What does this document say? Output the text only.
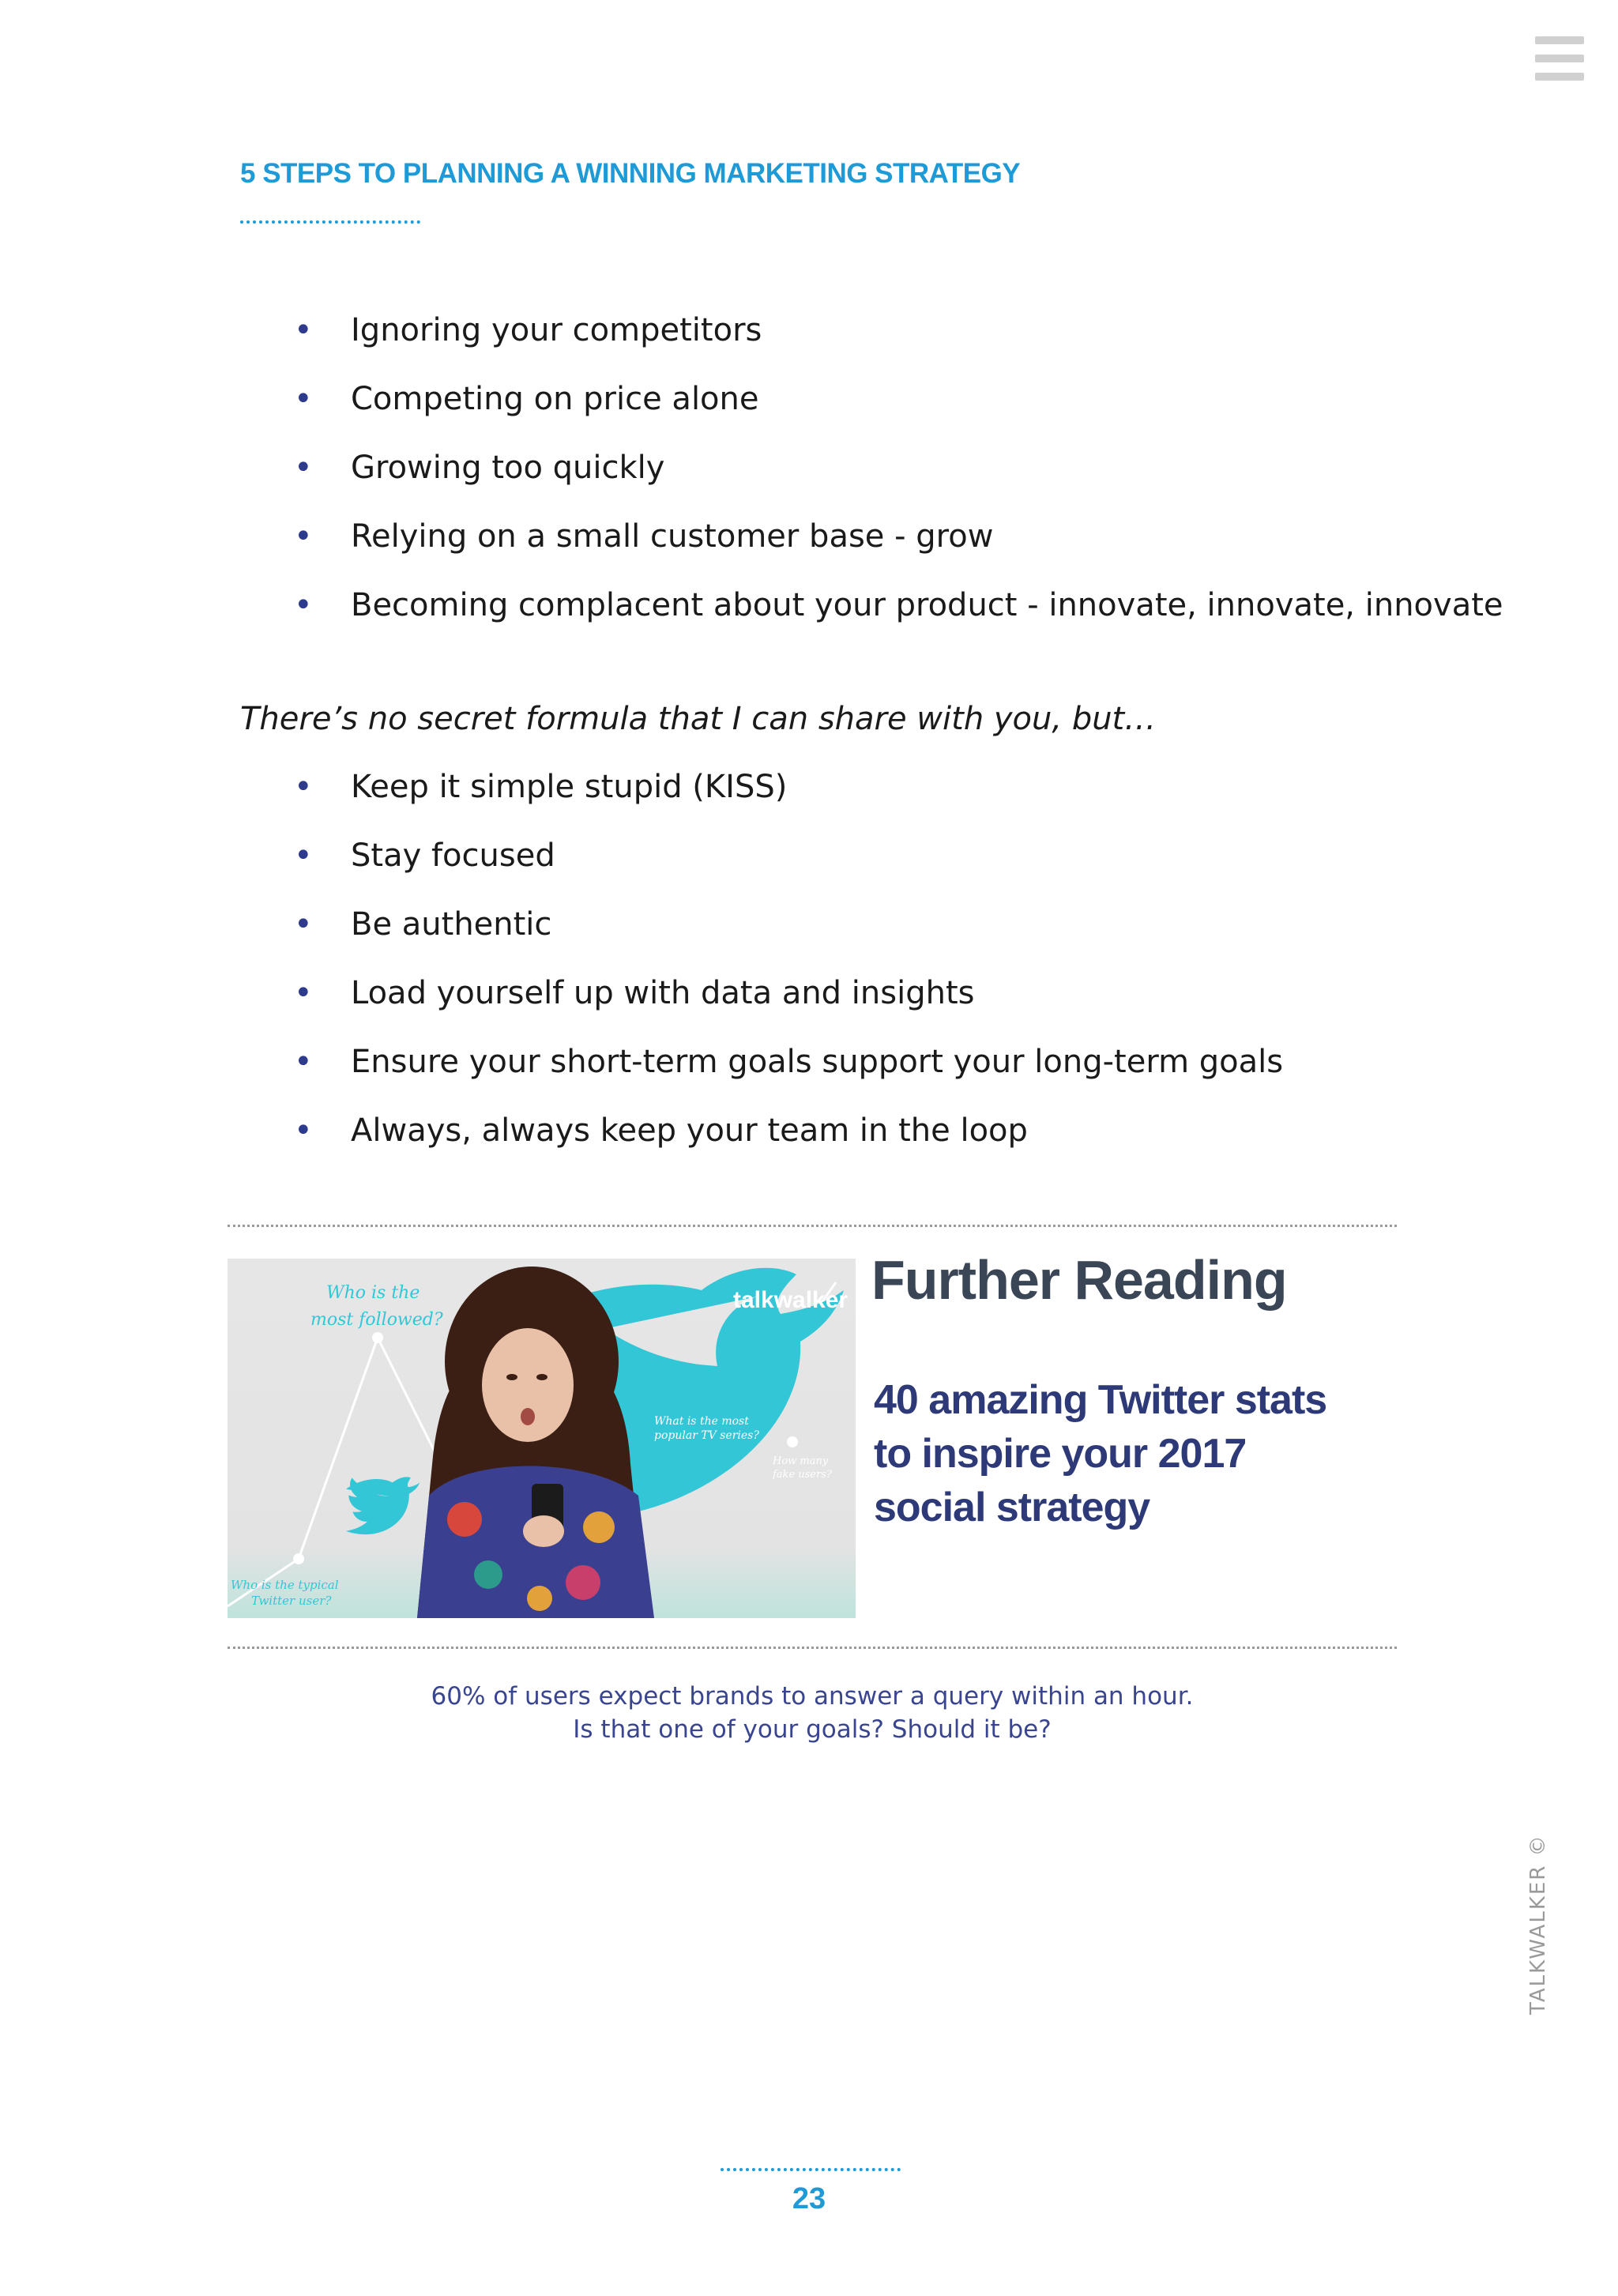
5 STEPS TO PLANNING A WINNING MARKETING STRATEGY
• Ignoring your competitors
• Competing on price alone
• Growing too quickly
• Relying on a small customer base - grow
• Becoming complacent about your product - innovate, innovate, innovate
There’s no secret formula that I can share with you, but…
• Keep it simple stupid (KISS)
• Stay focused
• Be authentic
• Load yourself up with data and insights
• Ensure your short-term goals support your long-term goals
• Always, always keep your team in the loop
Who is the
most followed?
What is the most
popular TV series?
How many
fake users?
Who is the typical
Twitter user?
talkwalker Further Reading
40 amazing Twitter stats
to inspire your 2017
social strategy
60% of users expect brands to answer a query within an hour.
Is that one of your goals? Should it be?
TALKWALKER ©
23
